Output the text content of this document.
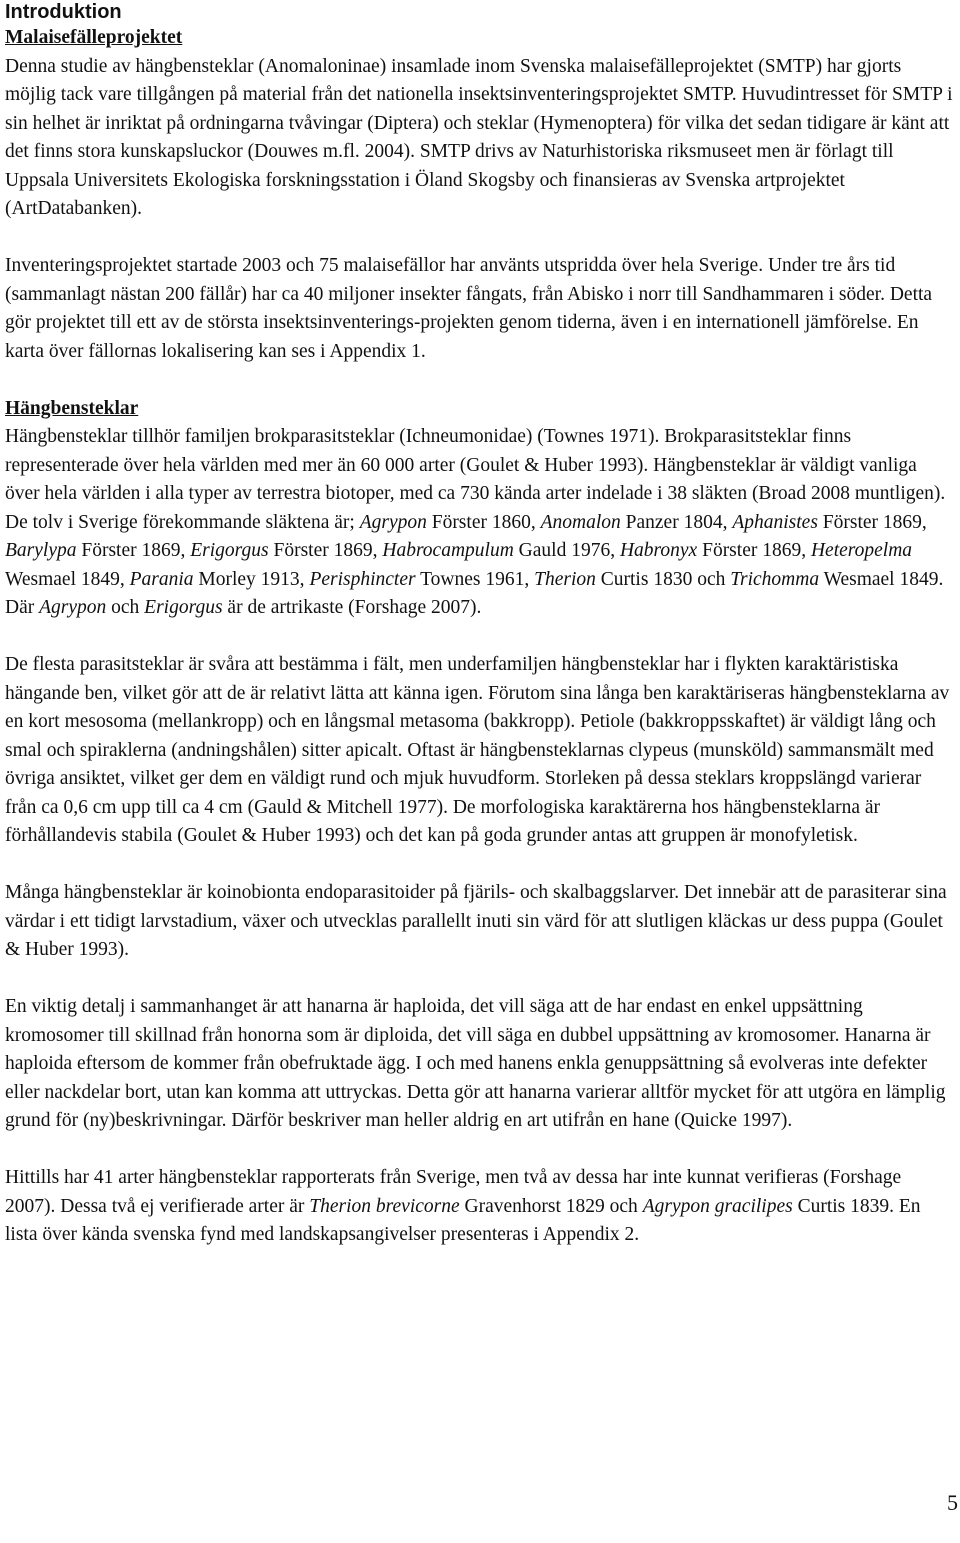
Introduktion
Malaisefälleprojektet

Denna studie av hängbensteklar (Anomaloninae) insamlade inom Svenska malaisefälleprojektet (SMTP) har gjorts möjlig tack vare tillgången på material från det nationella insektsinventeringsprojektet SMTP. Huvudintresset för SMTP i sin helhet är inriktat på ordningarna tvåvingar (Diptera) och steklar (Hymenoptera) för vilka det sedan tidigare är känt att det finns stora kunskapsluckor (Douwes m.fl. 2004). SMTP drivs av Naturhistoriska riksmuseet men är förlagt till Uppsala Universitets Ekologiska forskningsstation i Öland Skogsby och finansieras av Svenska artprojektet (ArtDatabanken).

Inventeringsprojektet startade 2003 och 75 malaisefällor har använts utspridda över hela Sverige. Under tre års tid (sammanlagt nästan 200 fällår) har ca 40 miljoner insekter fångats, från Abisko i norr till Sandhammaren i söder. Detta gör projektet till ett av de största insektsinventerings-projekten genom tiderna, även i en internationell jämförelse. En karta över fällornas lokalisering kan ses i Appendix 1.

Hängbensteklar

Hängbensteklar tillhör familjen brokparasitsteklar (Ichneumonidae) (Townes 1971). Brokparasitsteklar finns representerade över hela världen med mer än 60 000 arter (Goulet & Huber 1993). Hängbensteklar är väldigt vanliga över hela världen i alla typer av terrestra biotoper, med ca 730 kända arter indelade i 38 släkten (Broad 2008 muntligen). De tolv i Sverige förekommande släktena är; Agrypon Förster 1860, Anomalon Panzer 1804, Aphanistes Förster 1869, Barylypa Förster 1869, Erigorgus Förster 1869, Habrocampulum Gauld 1976, Habronyx Förster 1869, Heteropelma Wesmael 1849, Parania Morley 1913, Perisphincter Townes 1961, Therion Curtis 1830 och Trichomma Wesmael 1849. Där Agrypon och Erigorgus är de artrikaste (Forshage 2007).

De flesta parasitsteklar är svåra att bestämma i fält, men underfamiljen hängbensteklar har i flykten karaktäristiska hängande ben, vilket gör att de är relativt lätta att känna igen. Förutom sina långa ben karaktäriseras hängbensteklarna av en kort mesosoma (mellankropp) och en långsmal metasoma (bakkropp). Petiole (bakkroppsskaftet) är väldigt lång och smal och spiraklerna (andningshålen) sitter apicalt. Oftast är hängbensteklarnas clypeus (munsköld) sammansmält med övriga ansiktet, vilket ger dem en väldigt rund och mjuk huvudform. Storleken på dessa steklars kroppslängd varierar från ca 0,6 cm upp till ca 4 cm (Gauld & Mitchell 1977). De morfologiska karaktärerna hos hängbensteklarna är förhållandevis stabila (Goulet & Huber 1993) och det kan på goda grunder antas att gruppen är monofyletisk.

Många hängbensteklar är koinobionta endoparasitoider på fjärils- och skalbaggslarver. Det innebär att de parasiterar sina värdar i ett tidigt larvstadium, växer och utvecklas parallellt inuti sin värd för att slutligen kläckas ur dess puppa (Goulet & Huber 1993).

En viktig detalj i sammanhanget är att hanarna är haploida, det vill säga att de har endast en enkel uppsättning kromosomer till skillnad från honorna som är diploida, det vill säga en dubbel uppsättning av kromosomer. Hanarna är haploida eftersom de kommer från obefruktade ägg. I och med hanens enkla genuppsättning så evolveras inte defekter eller nackdelar bort, utan kan komma att uttryckas. Detta gör att hanarna varierar alltför mycket för att utgöra en lämplig grund för (ny)beskrivningar. Därför beskriver man heller aldrig en art utifrån en hane (Quicke 1997).

Hittills har 41 arter hängbensteklar rapporterats från Sverige, men två av dessa har inte kunnat verifieras (Forshage 2007). Dessa två ej verifierade arter är Therion brevicorne Gravenhorst 1829 och Agrypon gracilipes Curtis 1839. En lista över kända svenska fynd med landskapsangivelser presenteras i Appendix 2.

5
